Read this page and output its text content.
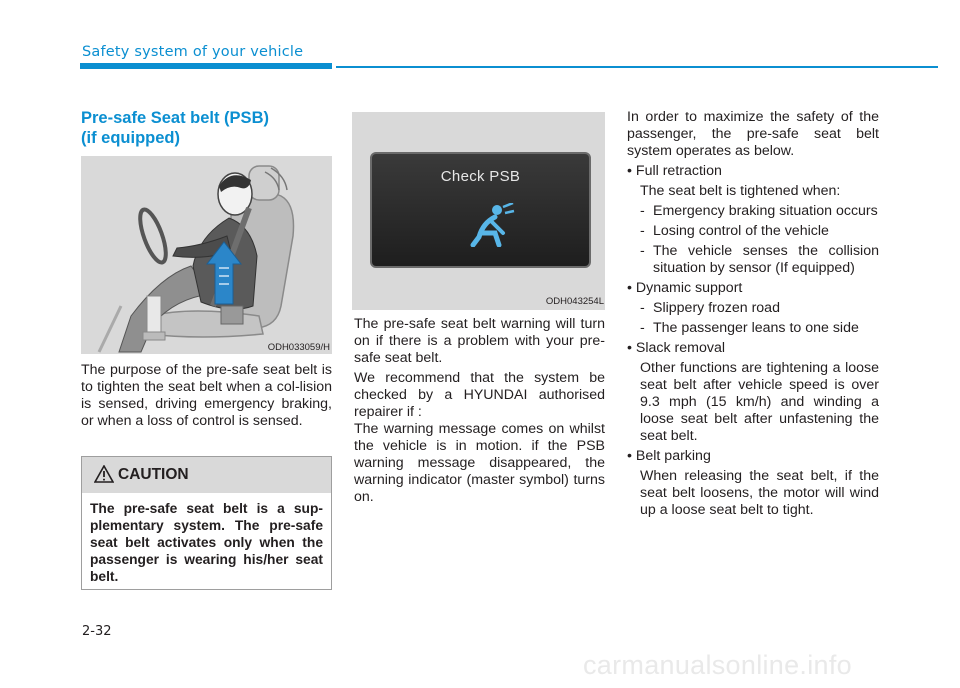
Safety system of your vehicle
Pre-safe Seat belt (PSB)
(if equipped)
ODH033059/H
The purpose of the pre-safe seat belt is to tighten the seat belt when a col-lision is sensed, driving emergency braking, or when a loss of control is sensed.
CAUTION
The pre-safe seat belt is a sup-plementary system. The pre-safe seat belt activates only when the passenger is wearing his/her seat belt.
Check PSB
ODH043254L
The pre-safe seat belt warning will turn on if there is a problem with your pre-safe seat belt.
We recommend that the system be checked by a HYUNDAI authorised repairer if :
The warning message comes on whilst the vehicle is in motion. if the PSB warning message disappeared, the warning indicator (master symbol) turns on.

In order to maximize the safety of the passenger, the pre-safe seat belt system operates as below.

• Full retraction

The seat belt is tightened when:

- Emergency braking situation occurs
- Losing control of the vehicle
- The vehicle senses the collision situation by sensor (If equipped)

• Dynamic support

- Slippery frozen road
- The passenger leans to one side

• Slack removal

Other functions are tightening a loose seat belt after vehicle speed is over 9.3 mph (15 km/h) and winding a loose seat belt after unfastening the seat belt.

• Belt parking

When releasing the seat belt, if the seat belt loosens, the motor will wind up a loose seat belt to tight.

2-32
carmanualsonline.info
